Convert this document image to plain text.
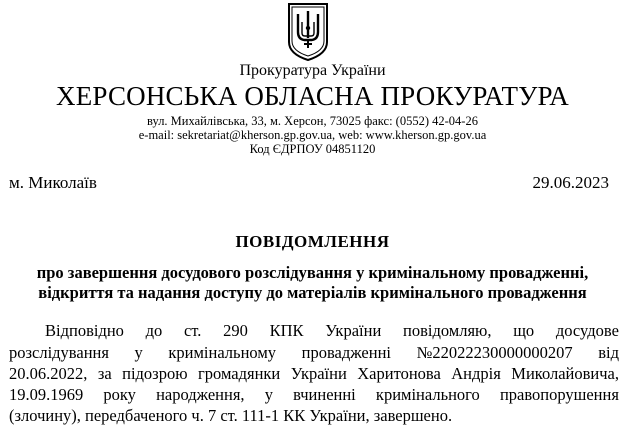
Прокуратура України
ХЕРСОНСЬКА ОБЛАСНА ПРОКУРАТУРА
вул. Михайлівська, 33, м. Херсон, 73025 факс: (0552) 42-04-26
e-mail: sekretariat@kherson.gp.gov.ua, web: www.kherson.gp.gov.ua
Код ЄДРПОУ 04851120
м. Миколаїв	29.06.2023
ПОВІДОМЛЕННЯ
про завершення досудового розслідування у кримінальному провадженні,
відкриття та надання доступу до матеріалів кримінального провадження
Відповідно до ст. 290 КПК України повідомляю, що досудове
розслідування у кримінальному провадженні №22022230000000207 від
20.06.2022, за підозрою громадянки України Харитонова Андрія Миколайовича,
19.09.1969 року народження, у вчиненні кримінального правопорушення
(злочину), передбаченого ч. 7 ст. 111-1 КК України, завершено.
